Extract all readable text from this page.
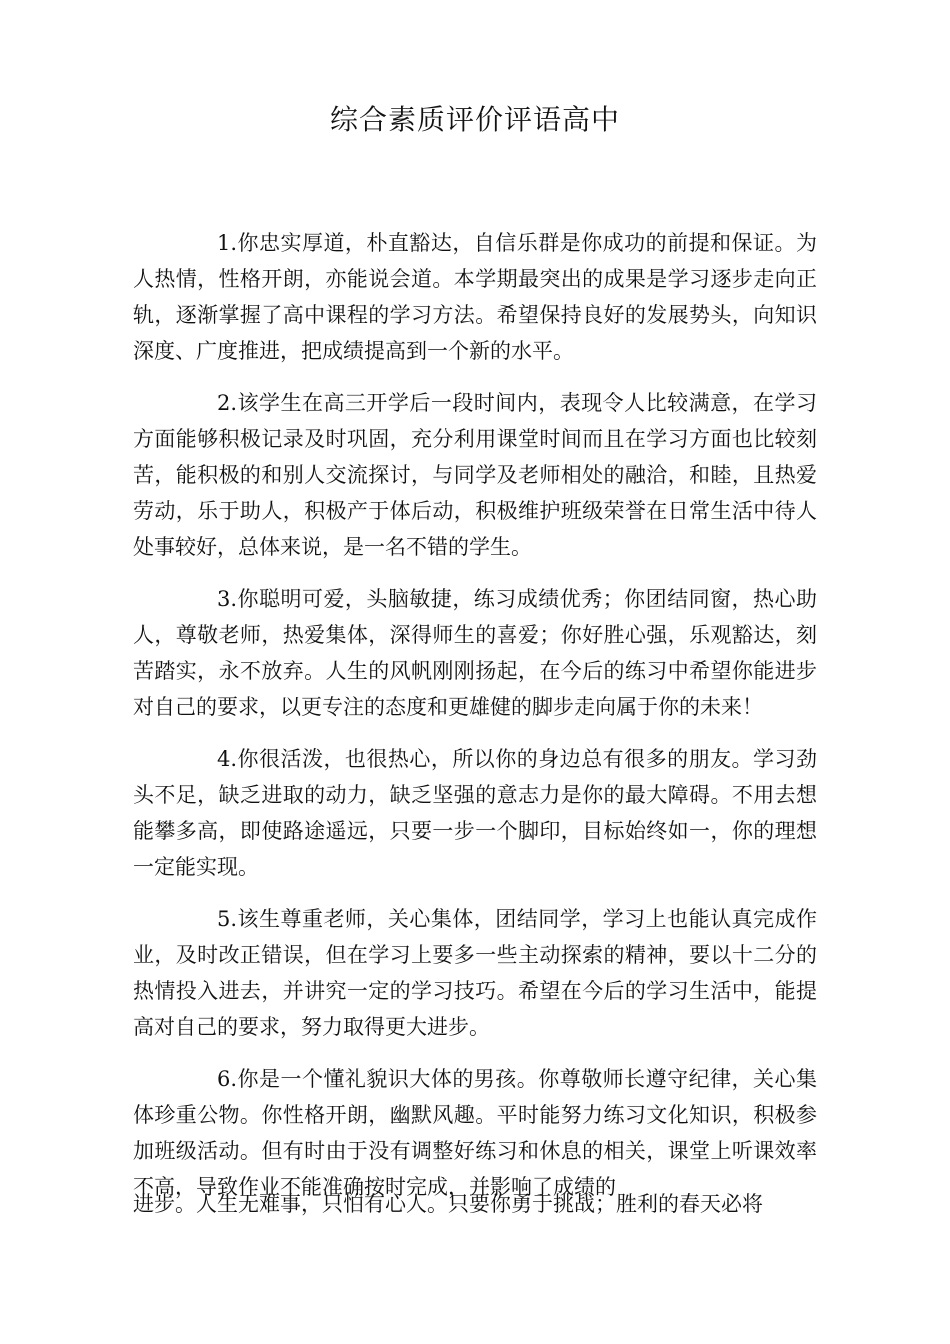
综合素质评价评语高中

1.你忠实厚道，朴直豁达，自信乐群是你成功的前提和保证。为人热情，性格开朗，亦能说会道。本学期最突出的成果是学习逐步走向正轨，逐渐掌握了高中课程的学习方法。希望保持良好的发展势头，向知识深度、广度推进，把成绩提高到一个新的水平。

2.该学生在高三开学后一段时间内，表现令人比较满意，在学习方面能够积极记录及时巩固，充分利用课堂时间而且在学习方面也比较刻苦，能积极的和别人交流探讨，与同学及老师相处的融洽，和睦，且热爱劳动，乐于助人，积极产于体后动，积极维护班级荣誉在日常生活中待人处事较好，总体来说，是一名不错的学生。

3.你聪明可爱，头脑敏捷，练习成绩优秀；你团结同窗，热心助人，尊敬老师，热爱集体，深得师生的喜爱；你好胜心强，乐观豁达，刻苦踏实，永不放弃。人生的风帆刚刚扬起，在今后的练习中希望你能进步对自己的要求，以更专注的态度和更雄健的脚步走向属于你的未来！

4.你很活泼，也很热心，所以你的身边总有很多的朋友。学习劲头不足，缺乏进取的动力，缺乏坚强的意志力是你的最大障碍。不用去想能攀多高，即使路途遥远，只要一步一个脚印，目标始终如一，你的理想一定能实现。

5.该生尊重老师，关心集体，团结同学，学习上也能认真完成作业，及时改正错误，但在学习上要多一些主动探索的精神，要以十二分的热情投入进去，并讲究一定的学习技巧。希望在今后的学习生活中，能提高对自己的要求，努力取得更大进步。

6.你是一个懂礼貌识大体的男孩。你尊敬师长遵守纪律，关心集体珍重公物。你性格开朗，幽默风趣。平时能努力练习文化知识，积极参加班级活动。但有时由于没有调整好练习和休息的相关，课堂上听课效率不高，导致作业不能准确按时完成，并影响了成绩的

进步。人生无难事，只怕有心人。只要你勇于挑战；胜利的春天必将
